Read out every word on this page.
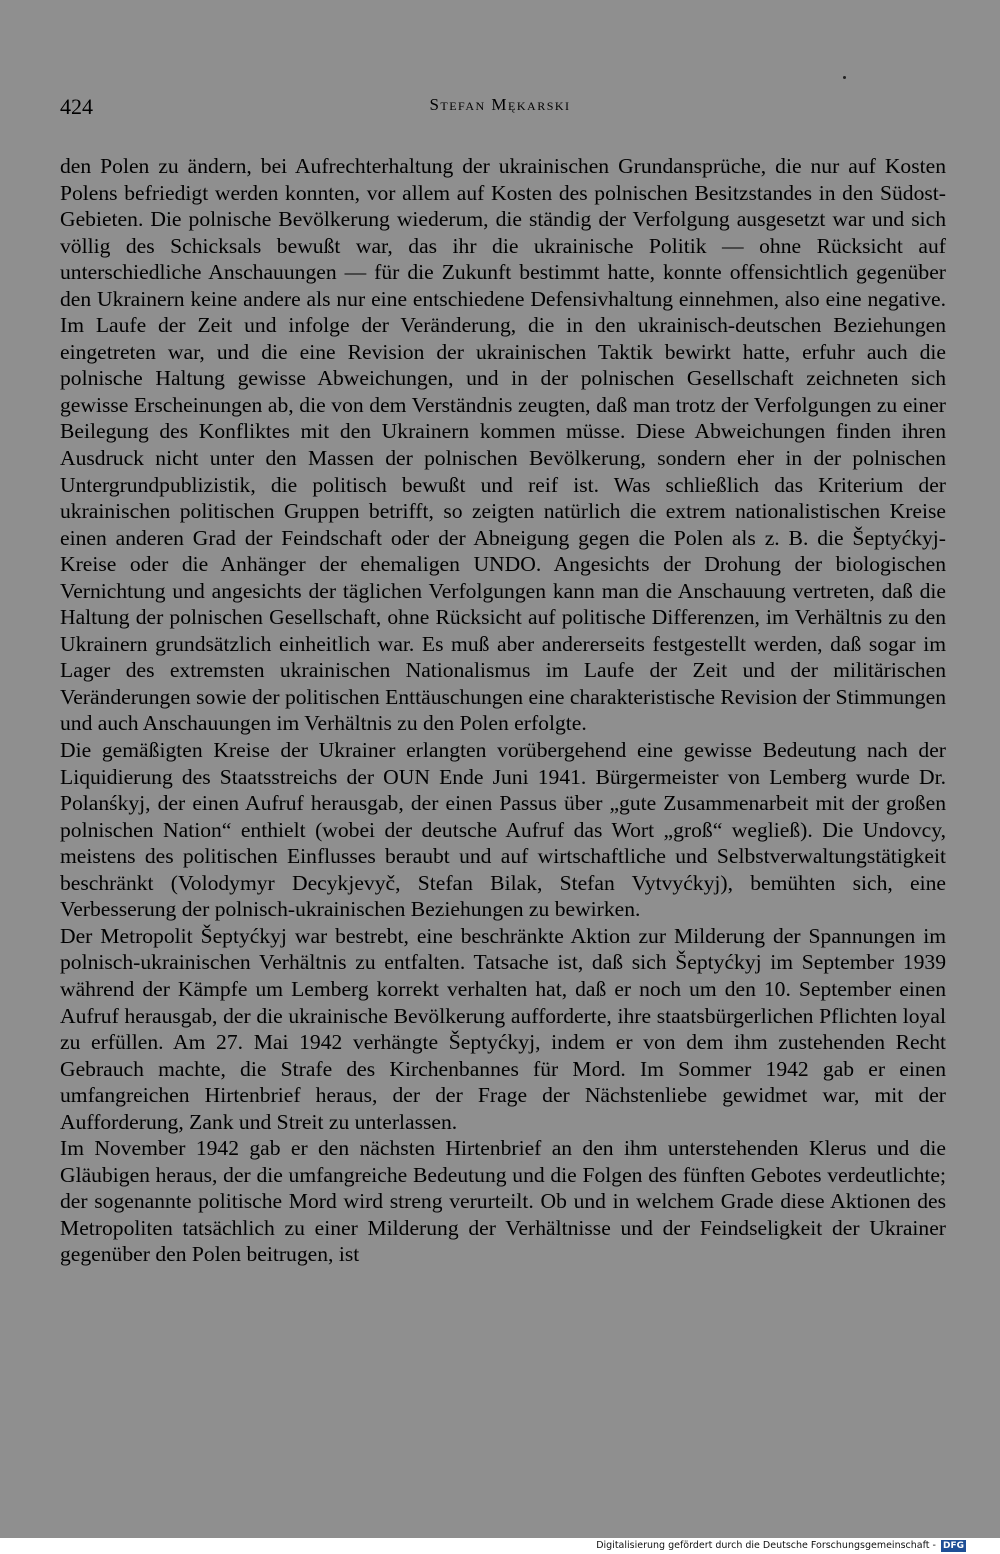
424	Stefan Mękarski

den Polen zu ändern, bei Aufrechterhaltung der ukrainischen Grundansprüche, die nur auf Kosten Polens befriedigt werden konnten, vor allem auf Kosten des polnischen Besitzstandes in den Südost-Gebieten. Die polnische Bevölkerung wiederum, die ständig der Verfolgung ausgesetzt war und sich völlig des Schicksals bewußt war, das ihr die ukrainische Politik — ohne Rücksicht auf unterschiedliche Anschauungen — für die Zukunft bestimmt hatte, konnte offensichtlich gegenüber den Ukrainern keine andere als nur eine entschiedene Defensivhaltung einnehmen, also eine negative. Im Laufe der Zeit und infolge der Veränderung, die in den ukrainisch-deutschen Beziehungen eingetreten war, und die eine Revision der ukrainischen Taktik bewirkt hatte, erfuhr auch die polnische Haltung gewisse Abweichungen, und in der polnischen Gesellschaft zeichneten sich gewisse Erscheinungen ab, die von dem Verständnis zeugten, daß man trotz der Verfolgungen zu einer Beilegung des Konfliktes mit den Ukrainern kommen müsse. Diese Abweichungen finden ihren Ausdruck nicht unter den Massen der polnischen Bevölkerung, sondern eher in der polnischen Untergrundpublizistik, die politisch bewußt und reif ist. Was schließlich das Kriterium der ukrainischen politischen Gruppen betrifft, so zeigten natürlich die extrem nationalistischen Kreise einen anderen Grad der Feindschaft oder der Abneigung gegen die Polen als z. B. die Šeptyćkyj-Kreise oder die Anhänger der ehemaligen UNDO. Angesichts der Drohung der biologischen Vernichtung und angesichts der täglichen Verfolgungen kann man die Anschauung vertreten, daß die Haltung der polnischen Gesellschaft, ohne Rücksicht auf politische Differenzen, im Verhältnis zu den Ukrainern grundsätzlich einheitlich war. Es muß aber andererseits festgestellt werden, daß sogar im Lager des extremsten ukrainischen Nationalismus im Laufe der Zeit und der militärischen Veränderungen sowie der politischen Enttäuschungen eine charakteristische Revision der Stimmungen und auch Anschauungen im Verhältnis zu den Polen erfolgte.

Die gemäßigten Kreise der Ukrainer erlangten vorübergehend eine gewisse Bedeutung nach der Liquidierung des Staatsstreichs der OUN Ende Juni 1941. Bürgermeister von Lemberg wurde Dr. Polanśkyj, der einen Aufruf herausgab, der einen Passus über „gute Zusammenarbeit mit der großen polnischen Nation“ enthielt (wobei der deutsche Aufruf das Wort „groß“ wegließ). Die Undovcy, meistens des politischen Einflusses beraubt und auf wirtschaftliche und Selbstverwaltungstätigkeit beschränkt (Volodymyr Decykjevyč, Stefan Bilak, Stefan Vytvyćkyj), bemühten sich, eine Verbesserung der polnisch-ukrainischen Beziehungen zu bewirken.

Der Metropolit Šeptyćkyj war bestrebt, eine beschränkte Aktion zur Milderung der Spannungen im polnisch-ukrainischen Verhältnis zu entfalten. Tatsache ist, daß sich Šeptyćkyj im September 1939 während der Kämpfe um Lemberg korrekt verhalten hat, daß er noch um den 10. September einen Aufruf herausgab, der die ukrainische Bevölkerung aufforderte, ihre staatsbürgerlichen Pflichten loyal zu erfüllen. Am 27. Mai 1942 verhängte Šeptyćkyj, indem er von dem ihm zustehenden Recht Gebrauch machte, die Strafe des Kirchenbannes für Mord. Im Sommer 1942 gab er einen umfangreichen Hirtenbrief heraus, der der Frage der Nächstenliebe gewidmet war, mit der Aufforderung, Zank und Streit zu unterlassen.

Im November 1942 gab er den nächsten Hirtenbrief an den ihm unterstehenden Klerus und die Gläubigen heraus, der die umfangreiche Bedeutung und die Folgen des fünften Gebotes verdeutlichte; der sogenannte politische Mord wird streng verurteilt. Ob und in welchem Grade diese Aktionen des Metropoliten tatsächlich zu einer Milderung der Verhältnisse und der Feindseligkeit der Ukrainer gegenüber den Polen beitrugen, ist

Digitalisierung gefördert durch die Deutsche Forschungsgemeinschaft - DFG
